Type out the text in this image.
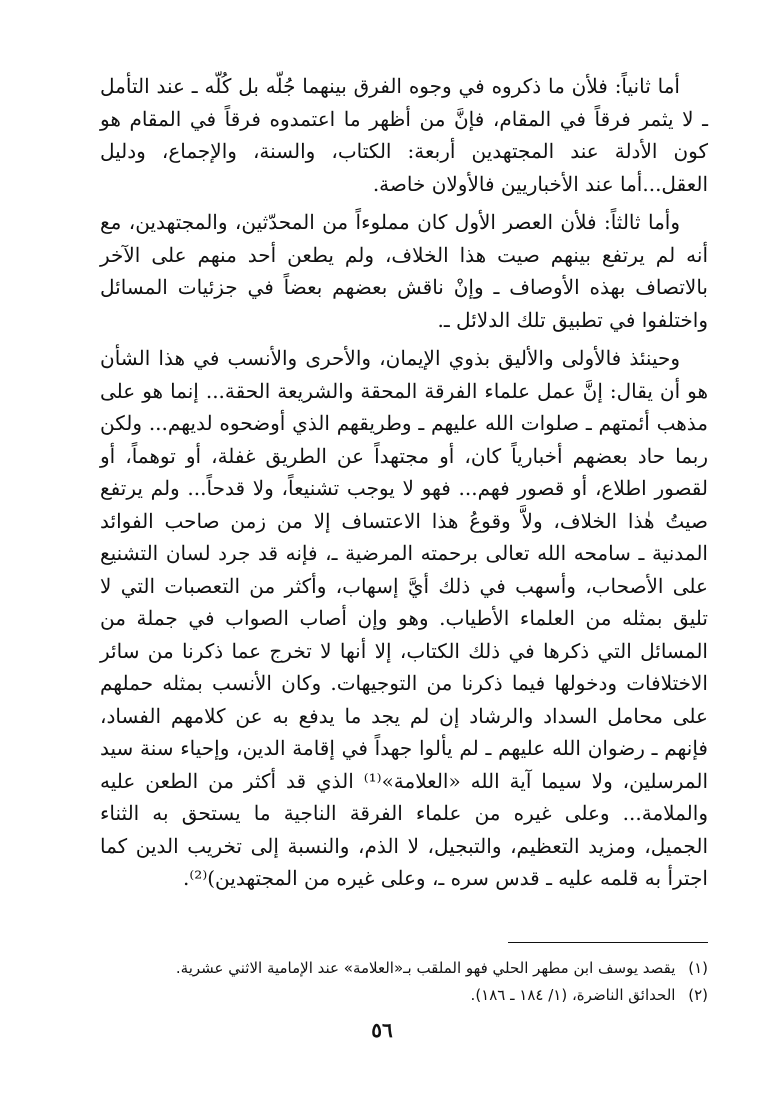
أما ثانياً: فلأن ما ذكروه في وجوه الفرق بينهما جُلّه بل كُلّه ـ عند التأمل ـ لا يثمر فرقاً في المقام، فإنَّ من أظهر ما اعتمدوه فرقاً في المقام هو كون الأدلة عند المجتهدين أربعة: الكتاب، والسنة، والإجماع، ودليل العقل...أما عند الأخباريين فالأولان خاصة.

وأما ثالثاً: فلأن العصر الأول كان مملوءاً من المحدّثين، والمجتهدين، مع أنه لم يرتفع بينهم صيت هذا الخلاف، ولم يطعن أحد منهم على الآخر بالاتصاف بهذه الأوصاف ـ وإنْ ناقش بعضهم بعضاً في جزئيات المسائل واختلفوا في تطبيق تلك الدلائل ـ.

وحينئذ فالأولى والأليق بذوي الإيمان، والأحرى والأنسب في هذا الشأن هو أن يقال: إنَّ عمل علماء الفرقة المحقة والشريعة الحقة... إنما هو على مذهب أئمتهم ـ صلوات الله عليهم ـ وطريقهم الذي أوضحوه لديهم... ولكن ربما حاد بعضهم أخبارياً كان، أو مجتهداً عن الطريق غفلة، أو توهماً، أو لقصور اطلاع، أو قصور فهم... فهو لا يوجب تشنيعاً، ولا قدحاً... ولم يرتفع صيتُ هٰذا الخلاف، ولاَّ وقوعُ هذا الاعتساف إلا من زمن صاحب الفوائد المدنية ـ سامحه الله تعالى برحمته المرضية ـ، فإنه قد جرد لسان التشنيع على الأصحاب، وأسهب في ذلك أيَّ إسهاب، وأكثر من التعصبات التي لا تليق بمثله من العلماء الأطياب. وهو وإن أصاب الصواب في جملة من المسائل التي ذكرها في ذلك الكتاب، إلا أنها لا تخرج عما ذكرنا من سائر الاختلافات ودخولها فيما ذكرنا من التوجيهات. وكان الأنسب بمثله حملهم على محامل السداد والرشاد إن لم يجد ما يدفع به عن كلامهم الفساد، فإنهم ـ رضوان الله عليهم ـ لم يألوا جهداً في إقامة الدين، وإحياء سنة سيد المرسلين، ولا سيما آية الله «العلامة»⁽¹⁾ الذي قد أكثر من الطعن عليه والملامة... وعلى غيره من علماء الفرقة الناجية ما يستحق به الثناء الجميل، ومزيد التعظيم، والتبجيل، لا الذم، والنسبة إلى تخريب الدين كما اجترأ به قلمه عليه ـ قدس سره ـ، وعلى غيره من المجتهدين)⁽²⁾.

(١) يقصد يوسف ابن مطهر الحلي فهو الملقب بـ«العلامة» عند الإمامية الاثني عشرية.

(٢) الحدائق الناضرة، (١/ ١٨٤ ـ ١٨٦).

٥٦
